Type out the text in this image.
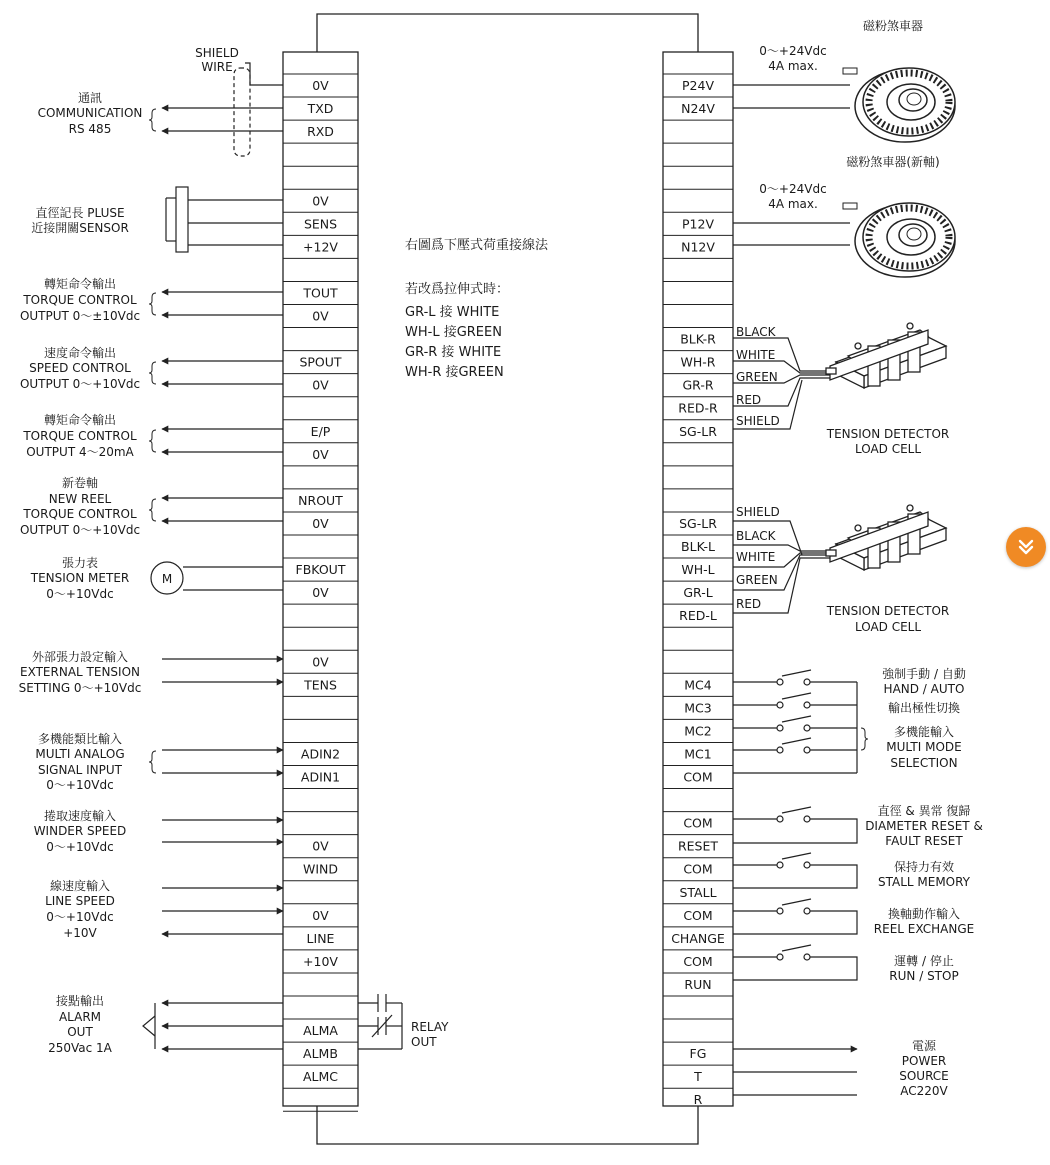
0V
TXD
RXD
0V
SENS
+12V
TOUT
0V
SPOUT
0V
E/P
0V
NROUT
0V
FBKOUT
0V
0V
TENS
ADIN2
ADIN1
0V
WIND
0V
LINE
+10V
ALMA
ALMB
ALMC
P24V
N24V
P12V
N12V
BLK-R
WH-R
GR-R
RED-R
SG-LR
SG-LR
BLK-L
WH-L
GR-L
RED-L
MC4
MC3
MC2
MC1
COM
COM
RESET
COM
STALL
COM
CHANGE
COM
RUN
FG
T
R
右圖爲下壓式荷重接線法
若改爲拉伸式時：
GR-L 接 WHITE
WH-L 接GREEN
GR-R 接 WHITE
WH-R 接GREEN
通訊
COMMUNICATION
RS 485
直徑記長 PLUSE
近接開關SENSOR
轉矩命令輸出
TORQUE CONTROL
OUTPUT 0～±10Vdc
速度命令輸出
SPEED CONTROL
OUTPUT 0～+10Vdc
轉矩命令輸出
TORQUE CONTROL
OUTPUT 4～20mA
新卷軸
NEW REEL
TORQUE CONTROL
OUTPUT 0～+10Vdc
張力表
TENSION METER
0～+10Vdc
外部張力設定輸入
EXTERNAL TENSION
SETTING 0～+10Vdc
多機能類比輸入
MULTI ANALOG
SIGNAL INPUT
0～+10Vdc
捲取速度輸入
WINDER SPEED
0～+10Vdc
線速度輸入
LINE SPEED
0～+10Vdc
+10V
接點輸出
ALARM
OUT
250Vac 1A
SHIELD
WIRE
M
RELAY
OUT
磁粉煞車器
0～+24Vdc
4A max.
磁粉煞車器(新軸)
0～+24Vdc
4A max.
BLACK
WHITE
GREEN
RED
SHIELD
TENSION DETECTOR
LOAD CELL
SHIELD
BLACK
WHITE
GREEN
RED	TENSION DETECTOR
LOAD CELL
強制手動 / 自動
HAND / AUTO
輸出極性切換
多機能輸入
MULTI MODE
SELECTION
直徑 & 異常 復歸
DIAMETER RESET &
FAULT RESET
保持力有效
STALL MEMORY
換軸動作輸入
REEL EXCHANGE
運轉 / 停止
RUN / STOP
電源
POWER
SOURCE
AC220V
